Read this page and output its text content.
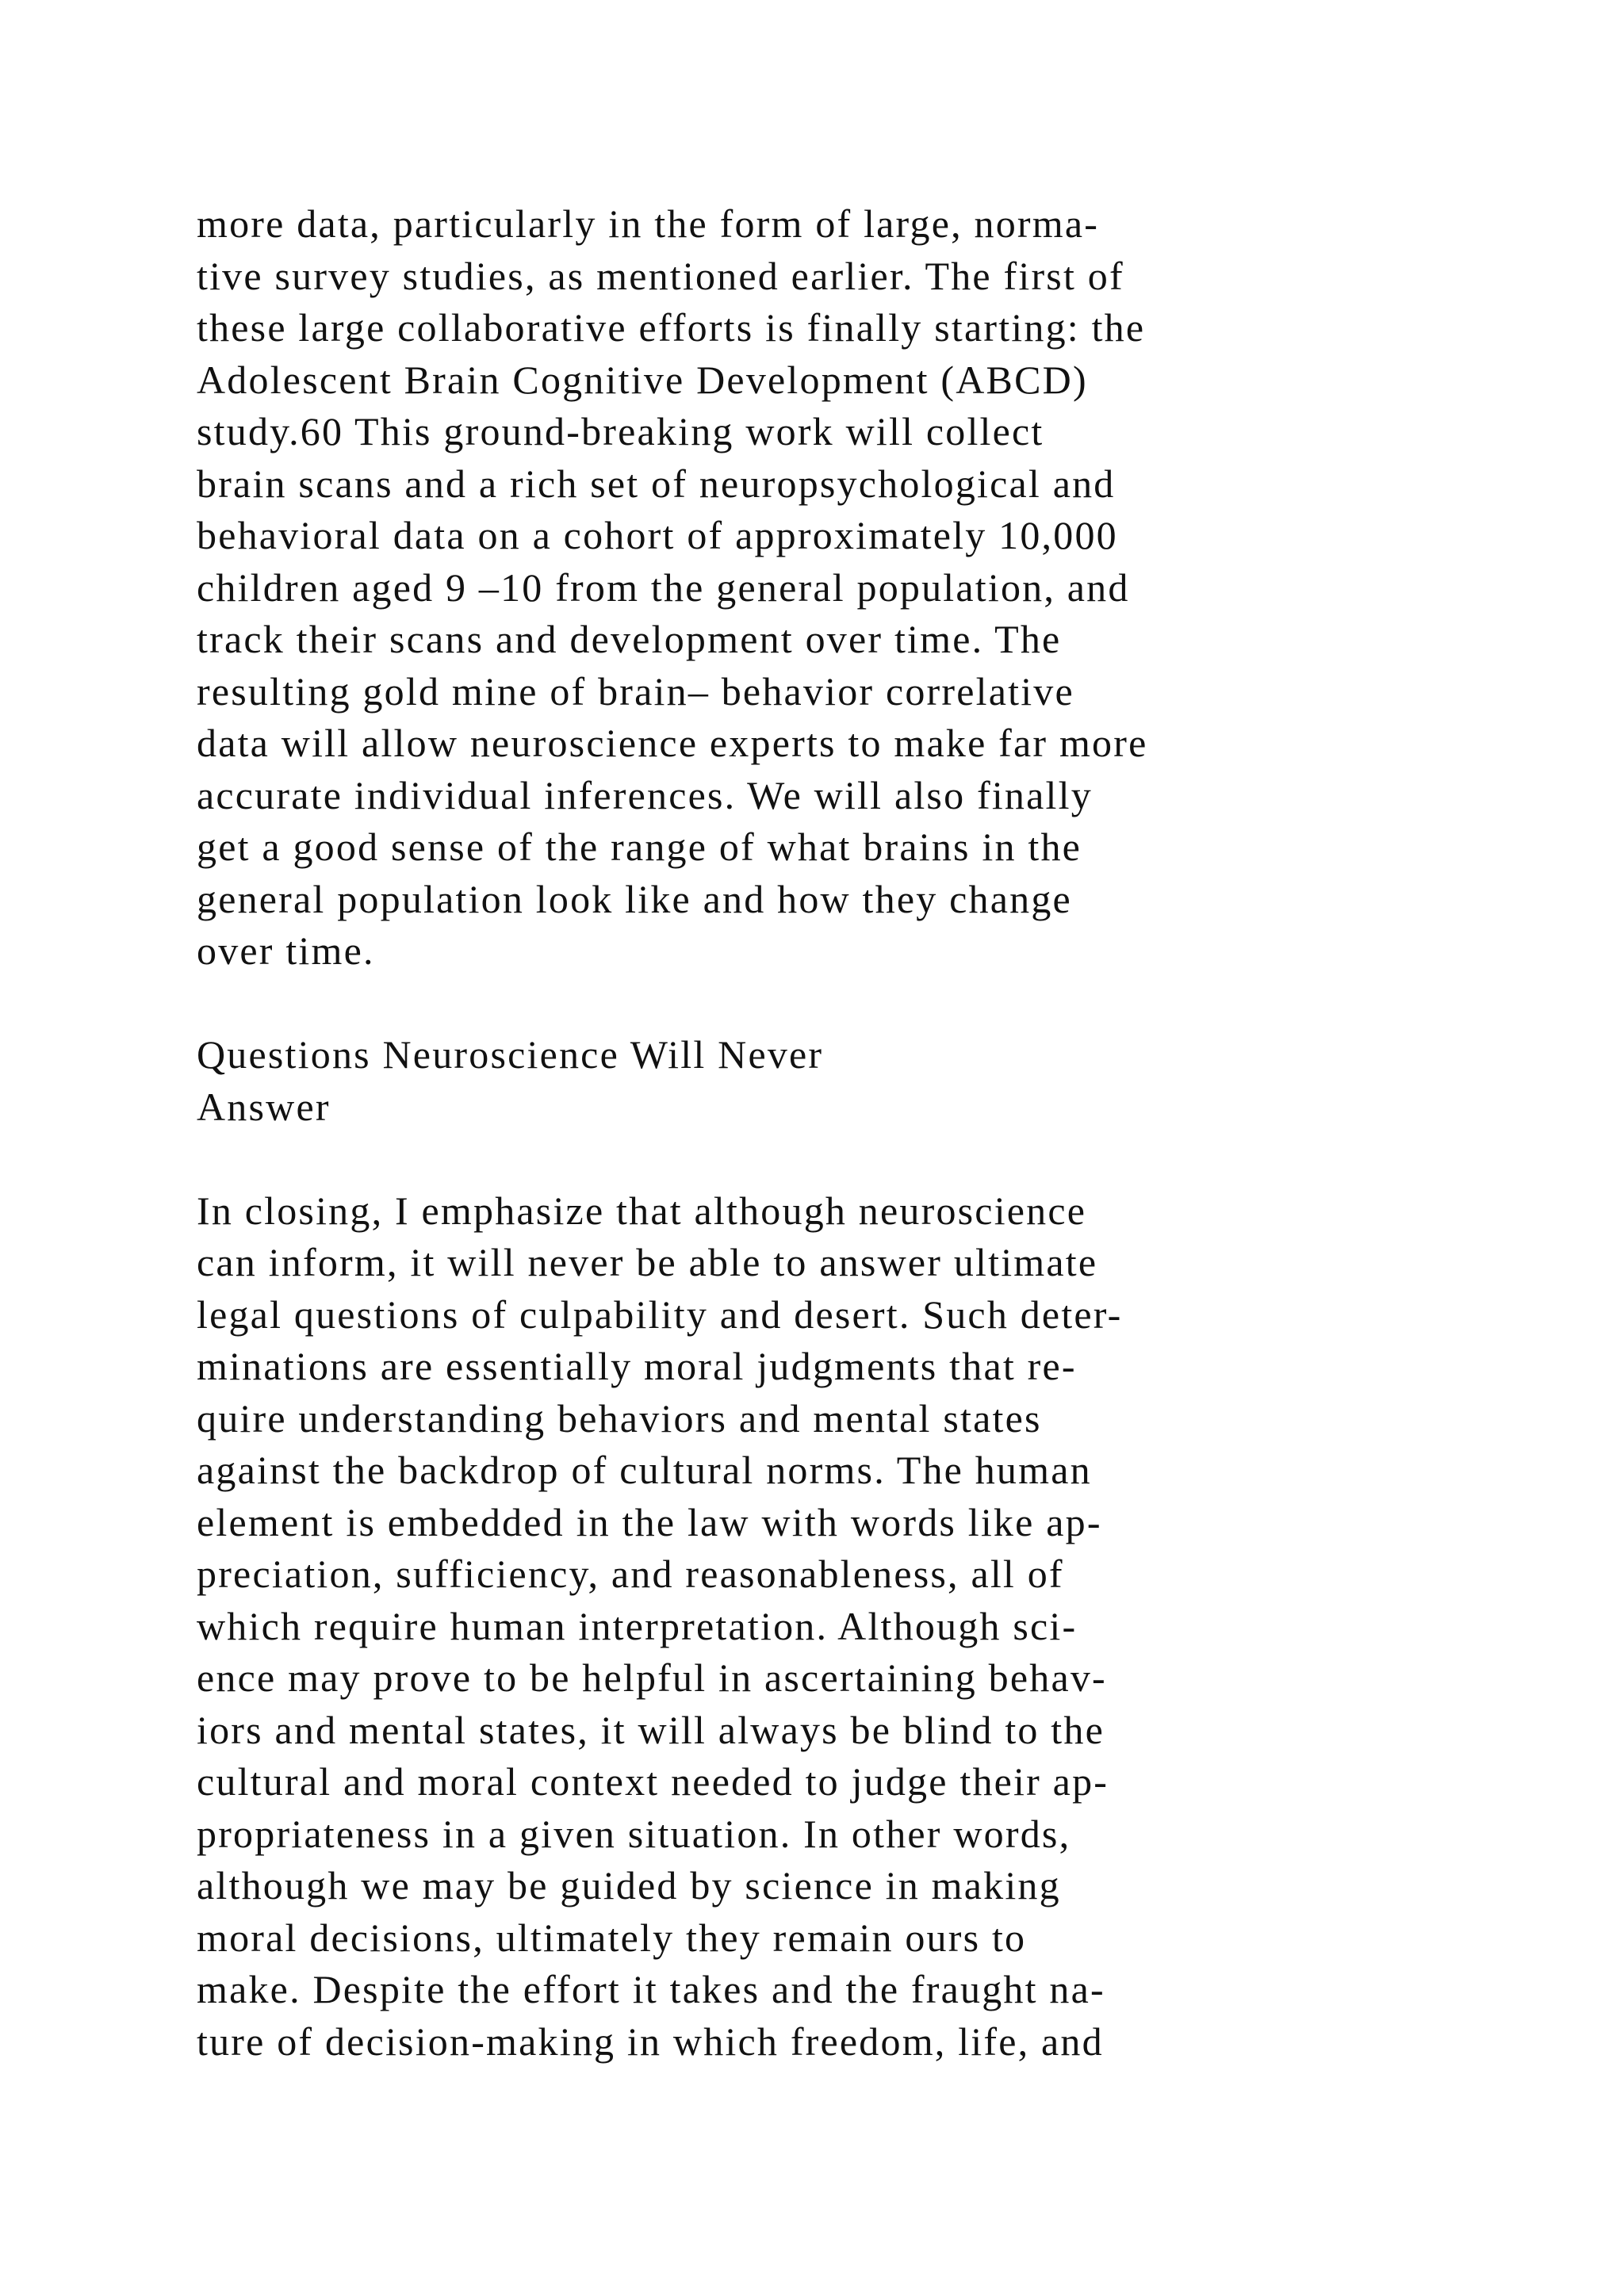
more data, particularly in the form of large, norma-
tive survey studies, as mentioned earlier. The first of
these large collaborative efforts is finally starting: the
Adolescent Brain Cognitive Development (ABCD)
study.60 This ground-breaking work will collect
brain scans and a rich set of neuropsychological and
behavioral data on a cohort of approximately 10,000
children aged 9 –10 from the general population, and
track their scans and development over time. The
resulting gold mine of brain– behavior correlative
data will allow neuroscience experts to make far more
accurate individual inferences. We will also finally
get a good sense of the range of what brains in the
general population look like and how they change
over time.
Questions Neuroscience Will Never
Answer
In closing, I emphasize that although neuroscience
can inform, it will never be able to answer ultimate
legal questions of culpability and desert. Such deter-
minations are essentially moral judgments that re-
quire understanding behaviors and mental states
against the backdrop of cultural norms. The human
element is embedded in the law with words like ap-
preciation, sufficiency, and reasonableness, all of
which require human interpretation. Although sci-
ence may prove to be helpful in ascertaining behav-
iors and mental states, it will always be blind to the
cultural and moral context needed to judge their ap-
propriateness in a given situation. In other words,
although we may be guided by science in making
moral decisions, ultimately they remain ours to
make. Despite the effort it takes and the fraught na-
ture of decision-making in which freedom, life, and
